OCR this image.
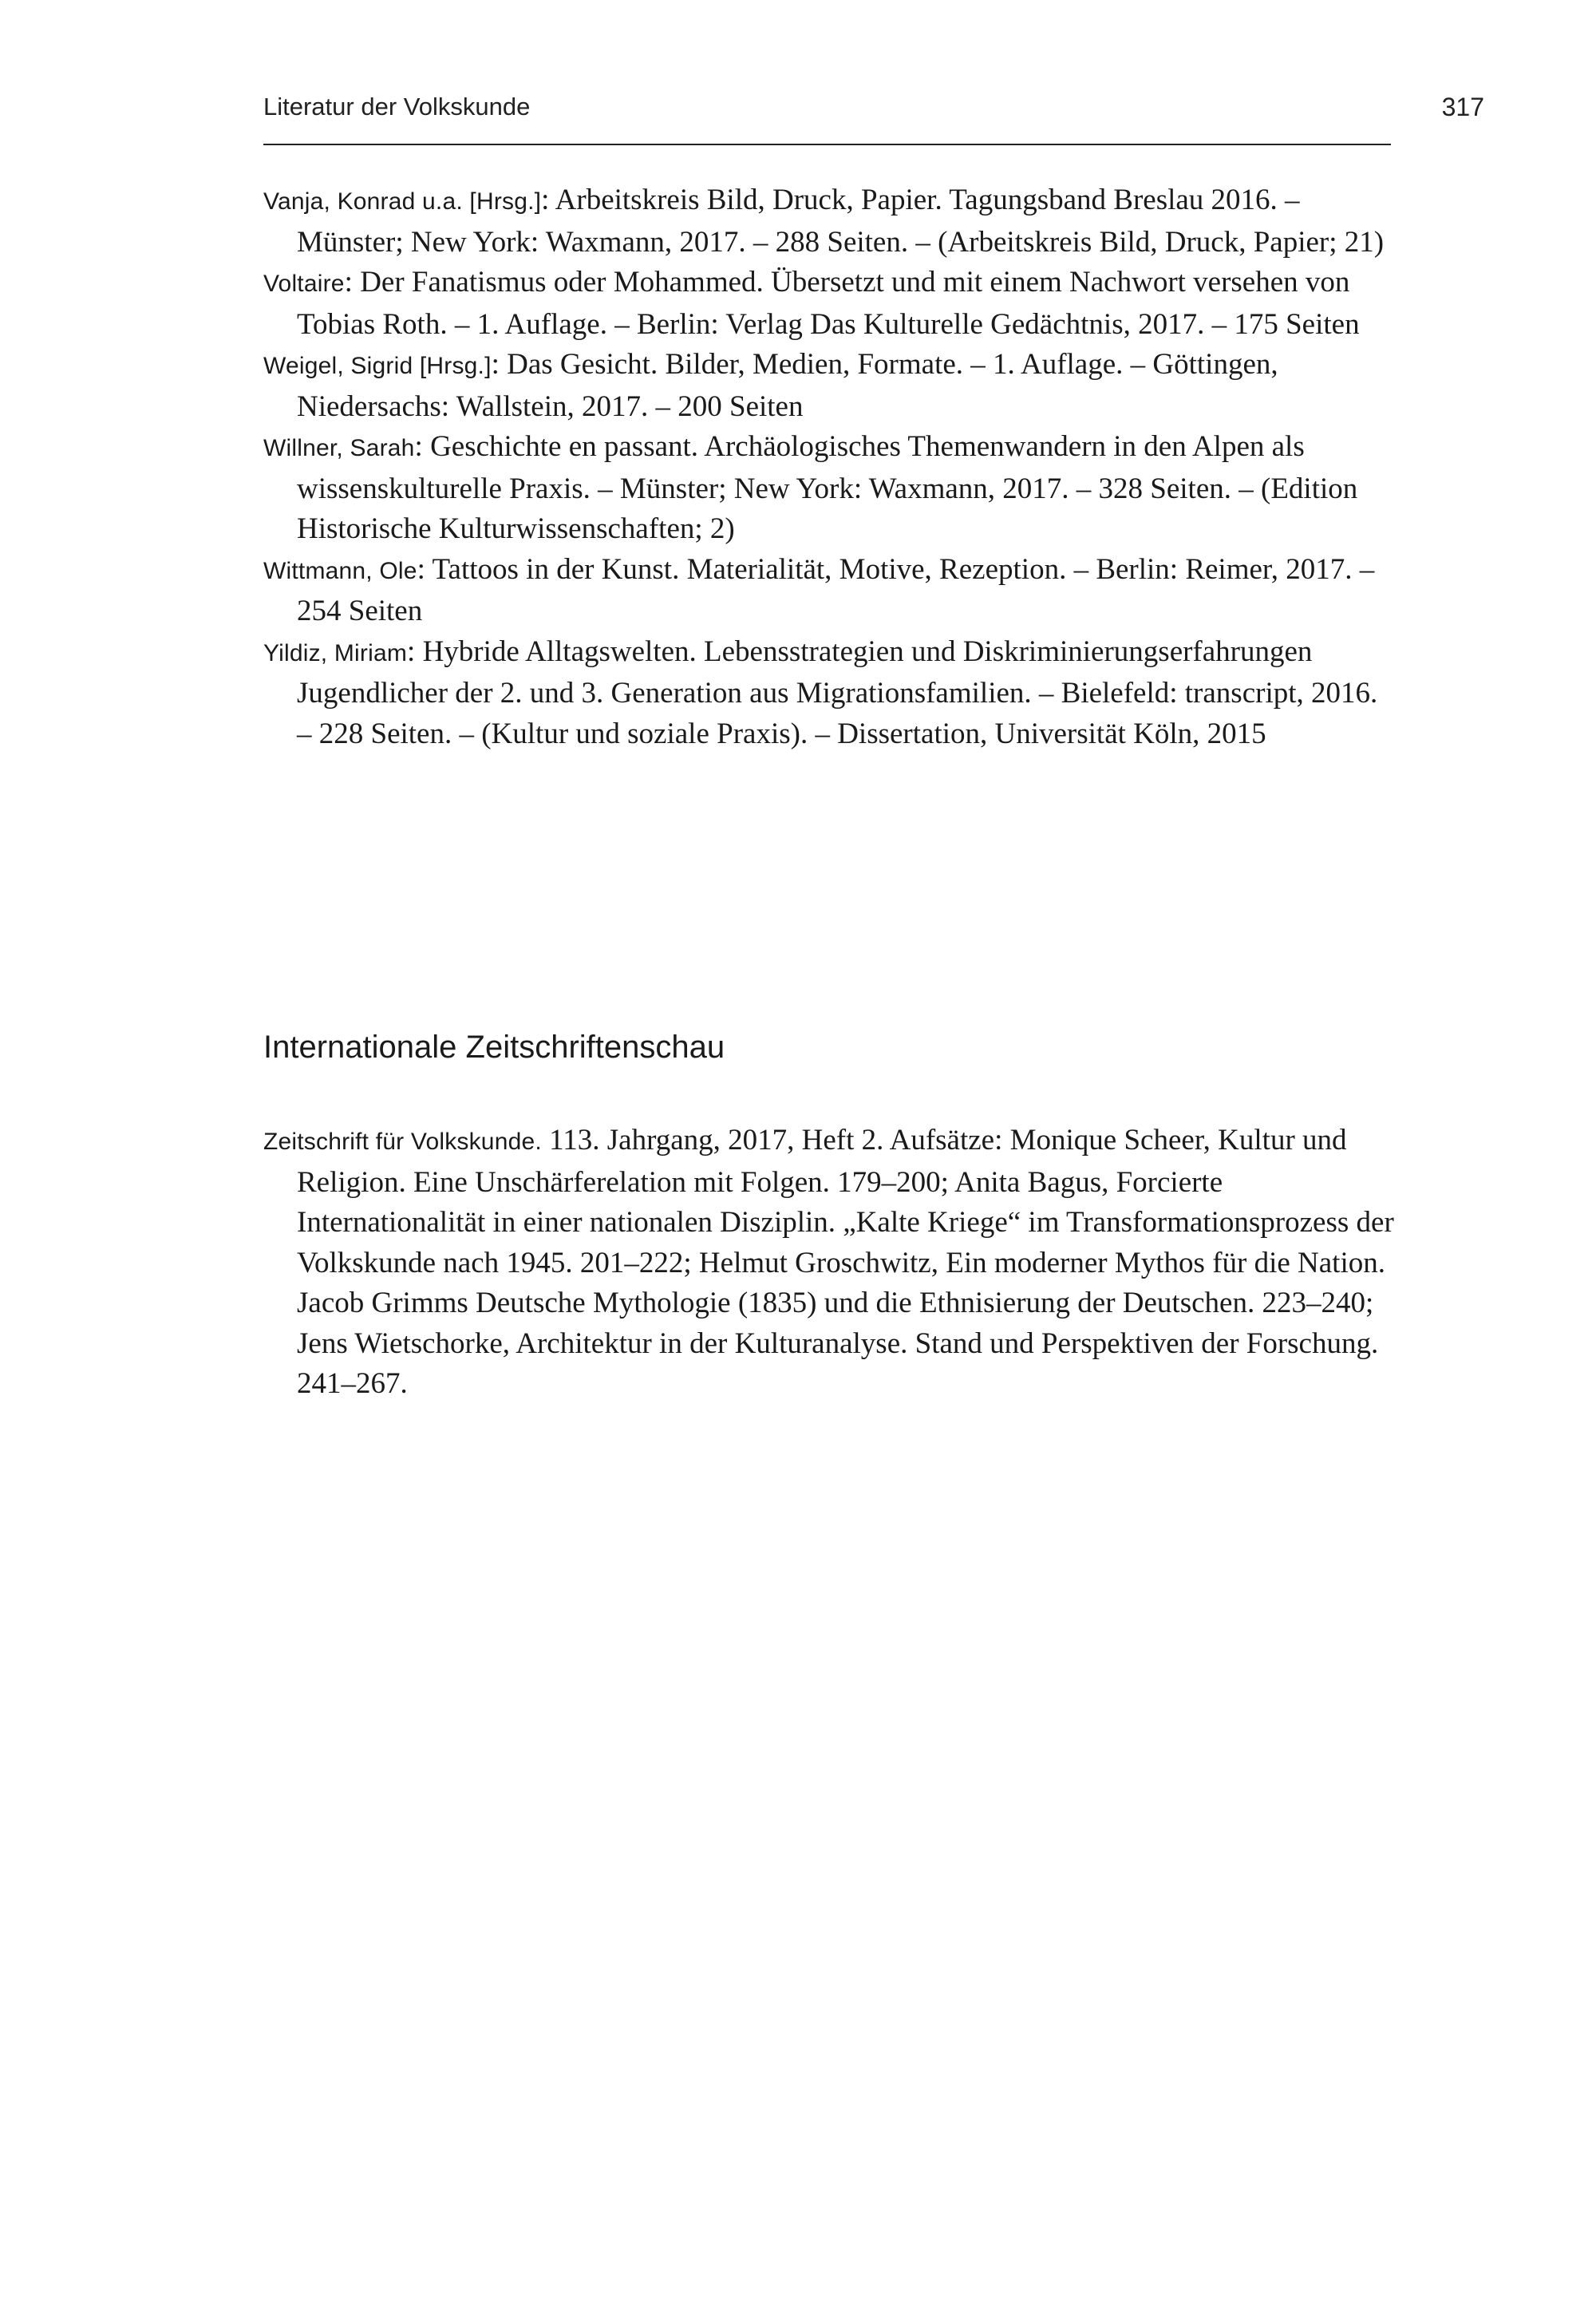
Literatur der Volkskunde	317

Vanja, Konrad u.a. [Hrsg.]: Arbeitskreis Bild, Druck, Papier. Tagungsband Breslau 2016. – Münster; New York: Waxmann, 2017. – 288 Seiten. – (Arbeitskreis Bild, Druck, Papier; 21)

Voltaire: Der Fanatismus oder Mohammed. Übersetzt und mit einem Nachwort versehen von Tobias Roth. – 1. Auflage. – Berlin: Verlag Das Kulturelle Gedächtnis, 2017. – 175 Seiten

Weigel, Sigrid [Hrsg.]: Das Gesicht. Bilder, Medien, Formate. – 1. Auflage. – Göttingen, Niedersachs: Wallstein, 2017. – 200 Seiten

Willner, Sarah: Geschichte en passant. Archäologisches Themenwandern in den Alpen als wissenskulturelle Praxis. – Münster; New York: Waxmann, 2017. – 328 Seiten. – (Edition Historische Kulturwissenschaften; 2)

Wittmann, Ole: Tattoos in der Kunst. Materialität, Motive, Rezeption. – Berlin: Reimer, 2017. – 254 Seiten

Yildiz, Miriam: Hybride Alltagswelten. Lebensstrategien und Diskriminierungserfahrungen Jugendlicher der 2. und 3. Generation aus Migrationsfamilien. – Bielefeld: transcript, 2016. – 228 Seiten. – (Kultur und soziale Praxis). – Dissertation, Universität Köln, 2015

Internationale Zeitschriftenschau

Zeitschrift für Volkskunde. 113. Jahrgang, 2017, Heft 2. Aufsätze: Monique Scheer, Kultur und Religion. Eine Unschärferelation mit Folgen. 179–200; Anita Bagus, Forcierte Internationalität in einer nationalen Disziplin. „Kalte Kriege“ im Transformationsprozess der Volkskunde nach 1945. 201–222; Helmut Groschwitz, Ein moderner Mythos für die Nation. Jacob Grimms Deutsche Mythologie (1835) und die Ethnisierung der Deutschen. 223–240; Jens Wietschorke, Architektur in der Kulturanalyse. Stand und Perspektiven der Forschung. 241–267.
